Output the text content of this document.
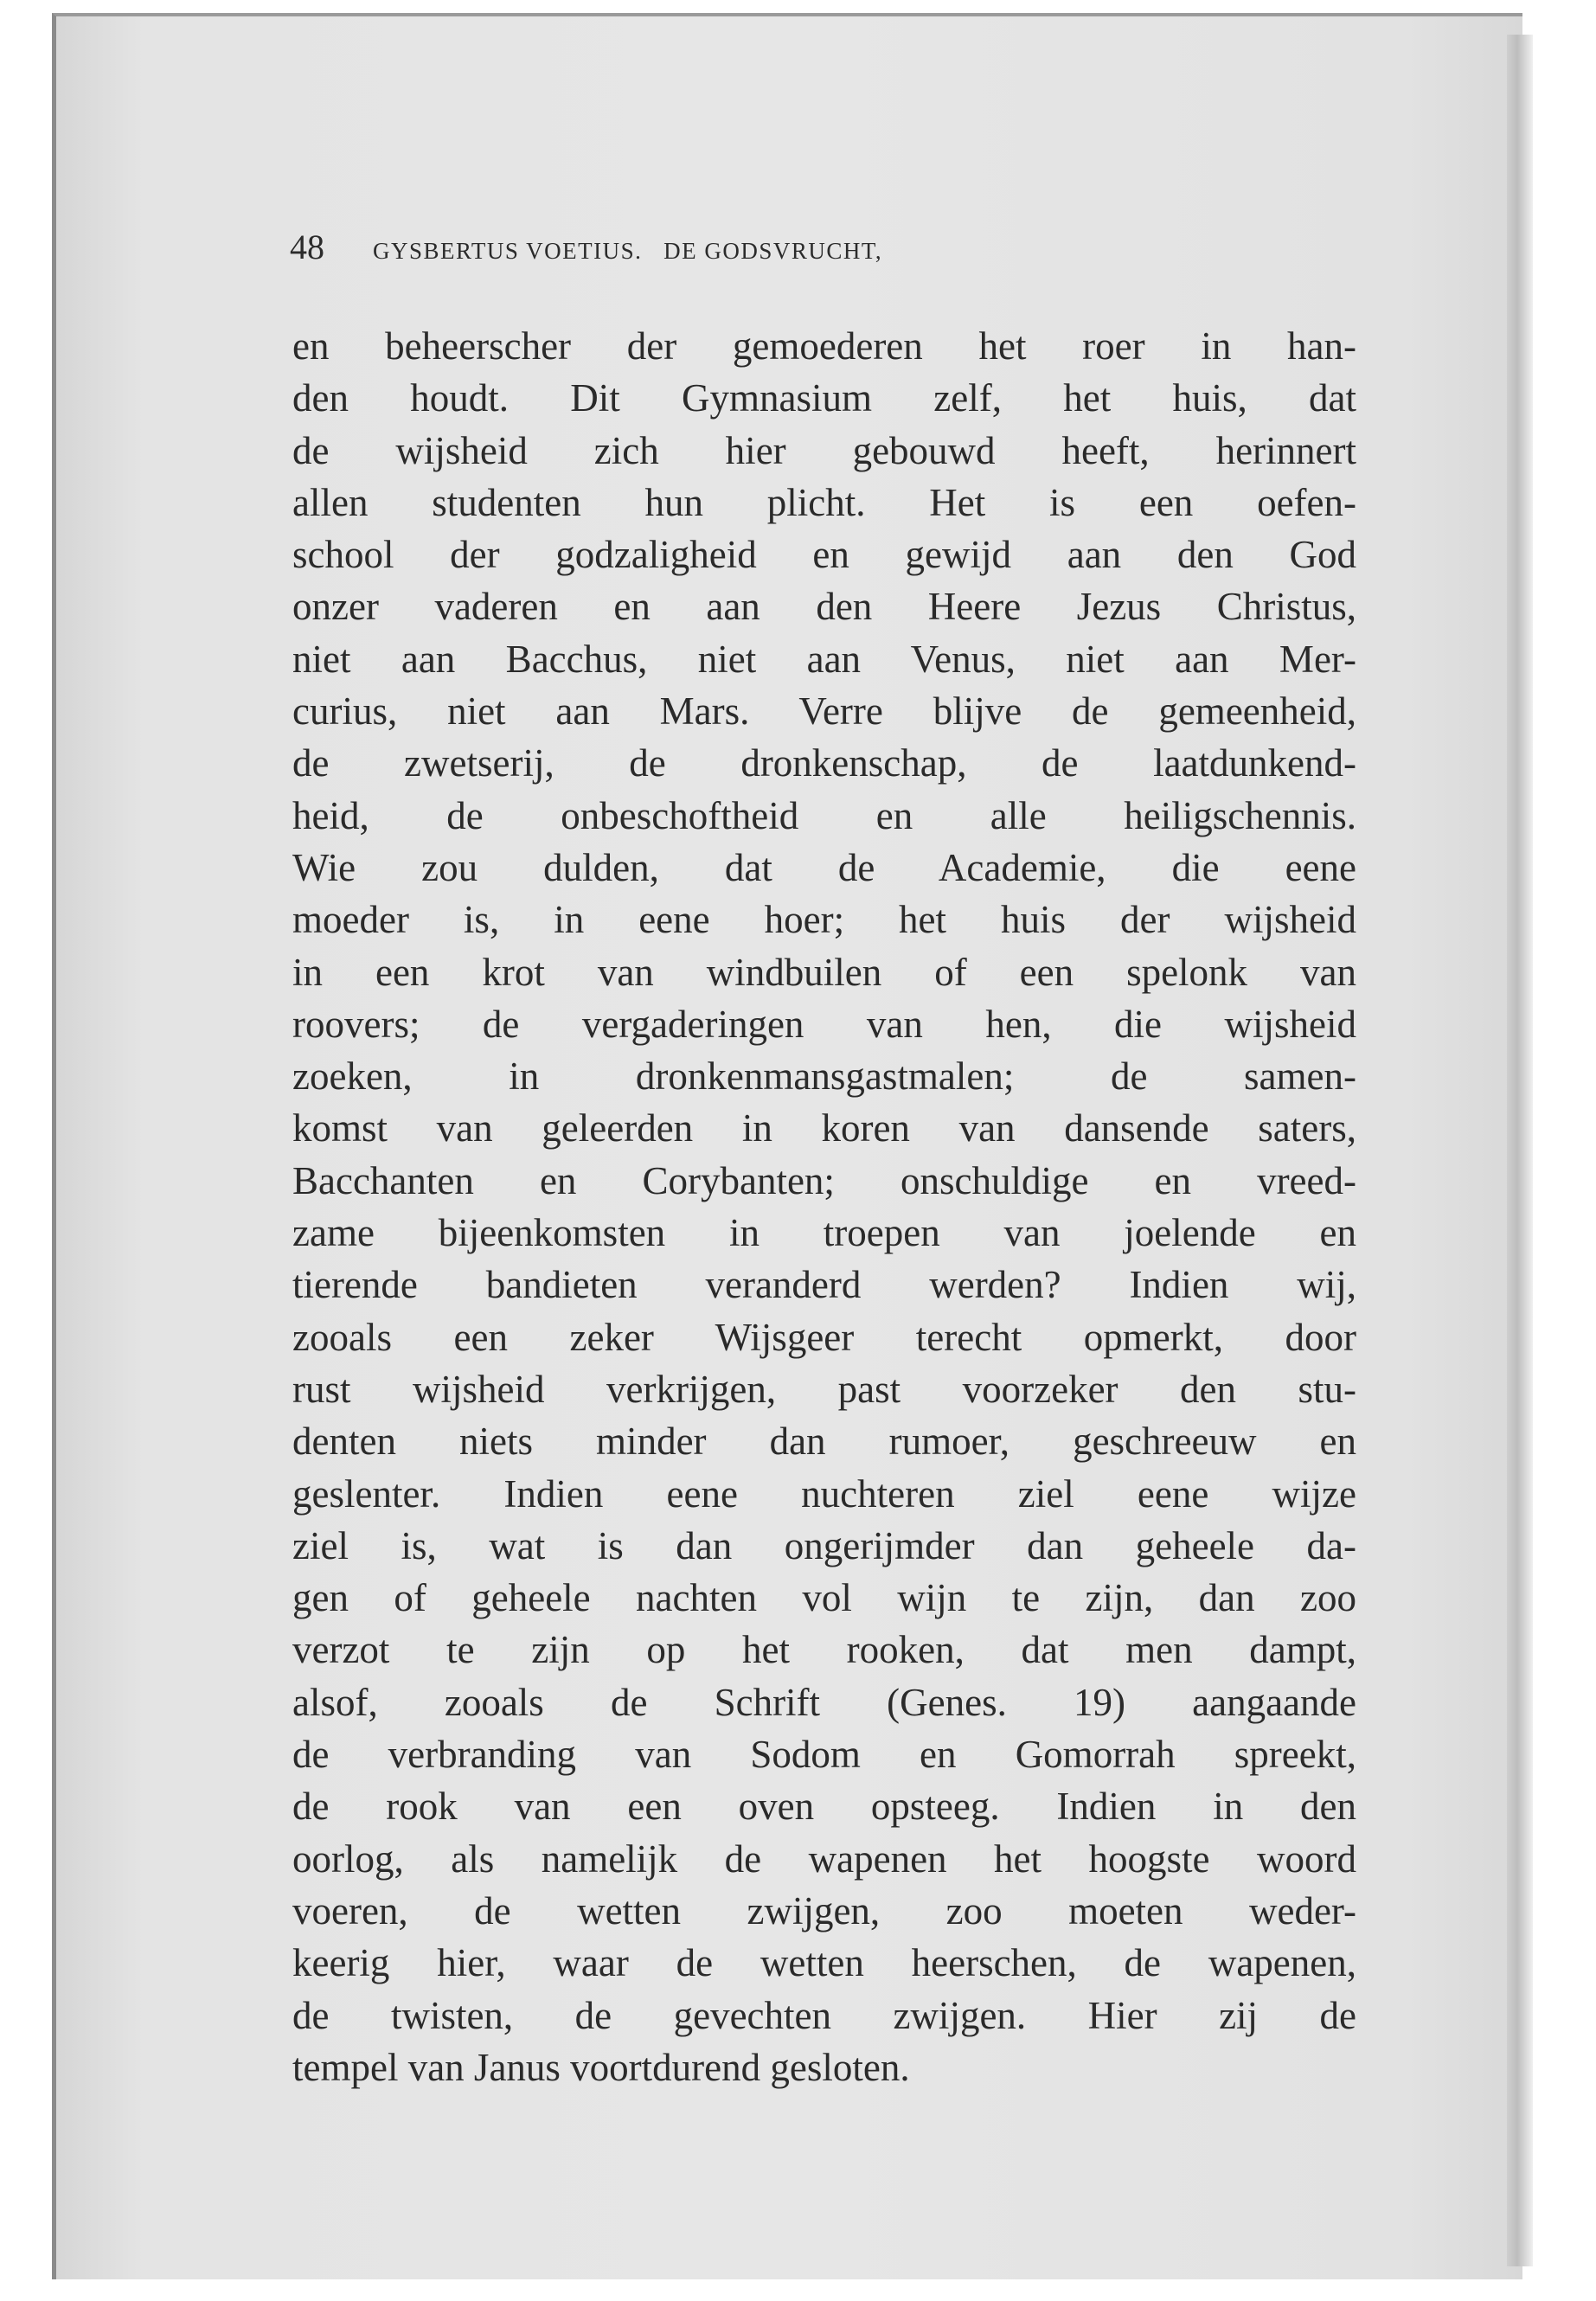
48 GYSBERTUS VOETIUS.   DE GODSVRUCHT,
en beheerscher der gemoederen het roer in han-
den houdt. Dit Gymnasium zelf, het huis, dat
de wijsheid zich hier gebouwd heeft, herinnert
allen studenten hun plicht. Het is een oefen-
school der godzaligheid en gewijd aan den God
onzer vaderen en aan den Heere Jezus Christus,
niet aan Bacchus, niet aan Venus, niet aan Mer-
curius, niet aan Mars. Verre blijve de gemeenheid,
de zwetserij, de dronkenschap, de laatdunkend-
heid, de onbeschoftheid en alle heiligschennis.
Wie zou dulden, dat de Academie, die eene
moeder is, in eene hoer; het huis der wijsheid
in een krot van windbuilen of een spelonk van
roovers; de vergaderingen van hen, die wijsheid
zoeken, in dronkenmansgastmalen; de samen-
komst van geleerden in koren van dansende saters,
Bacchanten en Corybanten; onschuldige en vreed-
zame bijeenkomsten in troepen van joelende en
tierende bandieten veranderd werden? Indien wij,
zooals een zeker Wijsgeer terecht opmerkt, door
rust wijsheid verkrijgen, past voorzeker den stu-
denten niets minder dan rumoer, geschreeuw en
geslenter. Indien eene nuchteren ziel eene wijze
ziel is, wat is dan ongerijmder dan geheele da-
gen of geheele nachten vol wijn te zijn, dan zoo
verzot te zijn op het rooken, dat men dampt,
alsof, zooals de Schrift (Genes. 19) aangaande
de verbranding van Sodom en Gomorrah spreekt,
de rook van een oven opsteeg. Indien in den
oorlog, als namelijk de wapenen het hoogste woord
voeren, de wetten zwijgen, zoo moeten weder-
keerig hier, waar de wetten heerschen, de wapenen,
de twisten, de gevechten zwijgen. Hier zij de
tempel van Janus voortdurend gesloten.
